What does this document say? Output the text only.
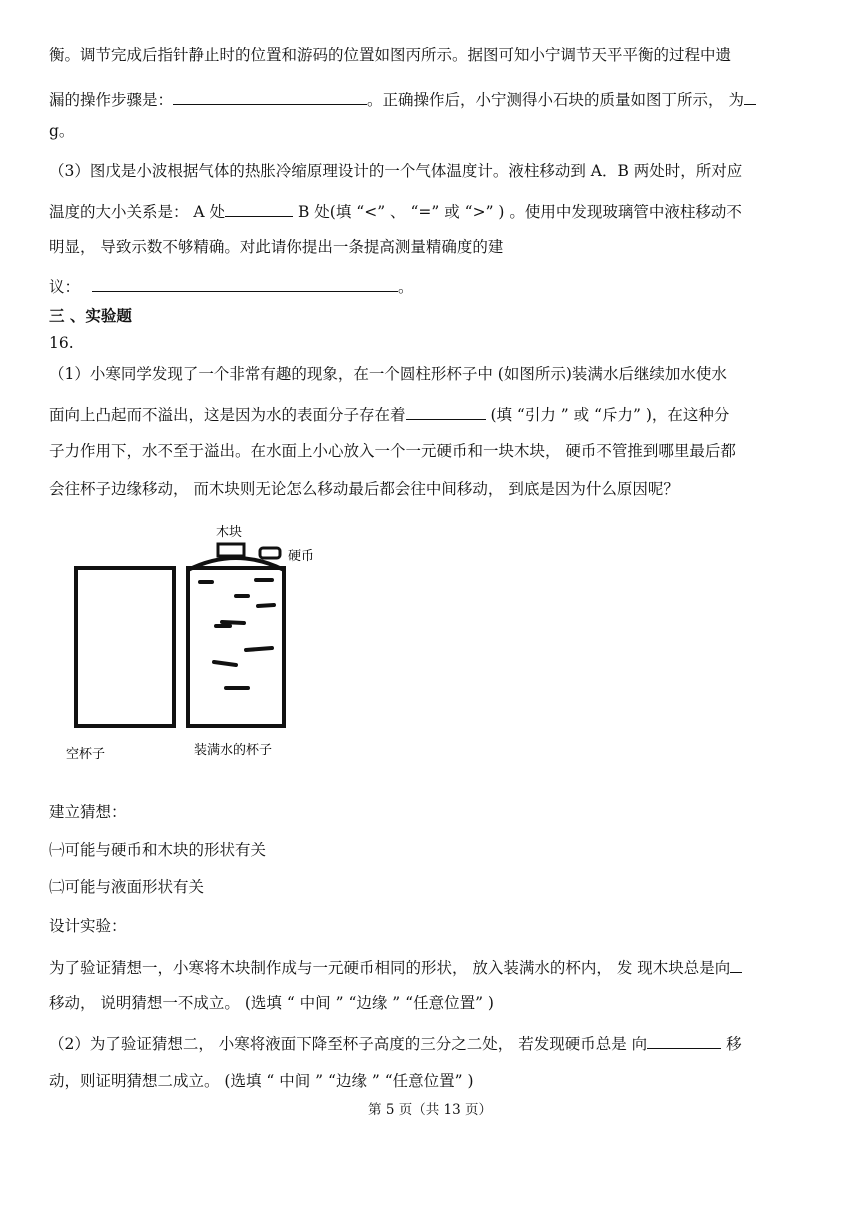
衡。调节完成后指针静止时的位置和游码的位置如图丙所示。据图可知小宁调节天平平衡的过程中遗
漏的操作步骤是：	。正确操作后，小宁测得小石块的质量如图丁所示， 为
g。
（3）图戊是小波根据气体的热胀冷缩原理设计的一个气体温度计。液柱移动到 A．B 两处时，所对应
温度的大小关系是： A 处	B 处(填 “<” 、 “=” 或 “>” ) 。使用中发现玻璃管中液柱移动不
明显， 导致示数不够精确。对此请你提出一条提高测量精确度的建
议：	。
三 、实验题
16.
（1）小寒同学发现了一个非常有趣的现象，在一个圆柱形杯子中 (如图所示)装满水后继续加水使水
面向上凸起而不溢出，这是因为水的表面分子存在着	(填 “引力 ” 或 “斥力” )，在这种分
子力作用下，水不至于溢出。在水面上小心放入一个一元硬币和一块木块， 硬币不管推到哪里最后都
会往杯子边缘移动， 而木块则无论怎么移动最后都会往中间移动， 到底是因为什么原因呢？
木块
硬币
空杯子	装满水的杯子
建立猜想：
㈠可能与硬币和木块的形状有关
㈡可能与液面形状有关
设计实验：
为了验证猜想一，小寒将木块制作成与一元硬币相同的形状， 放入装满水的杯内， 发 现木块总是向
移动， 说明猜想一不成立。 (选填 “ 中间 ” “边缘 ” “任意位置” )
（2）为了验证猜想二， 小寒将液面下降至杯子高度的三分之二处， 若发现硬币总是 向	移
动，则证明猜想二成立。 (选填 “ 中间 ” “边缘 ” “任意位置” )
第 5 页（共 13 页）
